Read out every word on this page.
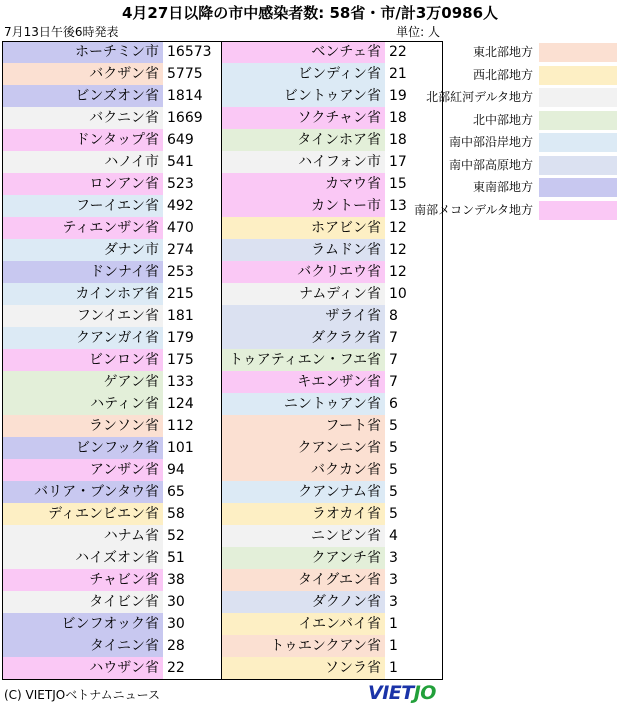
4月27日以降の市中感染者数: 58省・市/計3万0986人
7月13日午後6時発表	単位: 人
ホーチミン市 16573
バクザン省 5775
ビンズオン省 1814
バクニン省 1669
ドンタップ省 649
ハノイ市 541
ロンアン省 523
フーイエン省 492
ティエンザン省 470
ダナン市 274
ドンナイ省 253
カインホア省 215
フンイエン省 181
クアンガイ省 179
ビンロン省 175
ゲアン省 133
ハティン省 124
ランソン省 112
ビンフック省 101
アンザン省 94
バリア・ブンタウ省 65
ディエンビエン省 58
ハナム省 52
ハイズオン省 51
チャビン省 38
タイビン省 30
ビンフオック省 30
タイニン省 28
ハウザン省 22
ベンチェ省 22
ビンディン省 21
ビントゥアン省 19
ソクチャン省 18
タインホア省 18
ハイフォン市 17
カマウ省 15
カントー市 13
ホアビン省 12
ラムドン省 12
バクリエウ省 12
ナムディン省 10
ザライ省 8
ダクラク省 7
トゥアティエン・フエ省 7
キエンザン省 7
ニントゥアン省 6
フート省 5
クアンニン省 5
バクカン省 5
クアンナム省 5
ラオカイ省 5
ニンビン省 4
クアンチ省 3
タイグエン省 3
ダクノン省 3
イエンバイ省 1
トゥエンクアン省 1
ソンラ省 1
東北部地方
西北部地方
北部紅河デルタ地方
北中部地方
南中部沿岸地方
南中部高原地方
東南部地方
南部メコンデルタ地方
(C) VIETJOベトナムニュース	VIETJO
